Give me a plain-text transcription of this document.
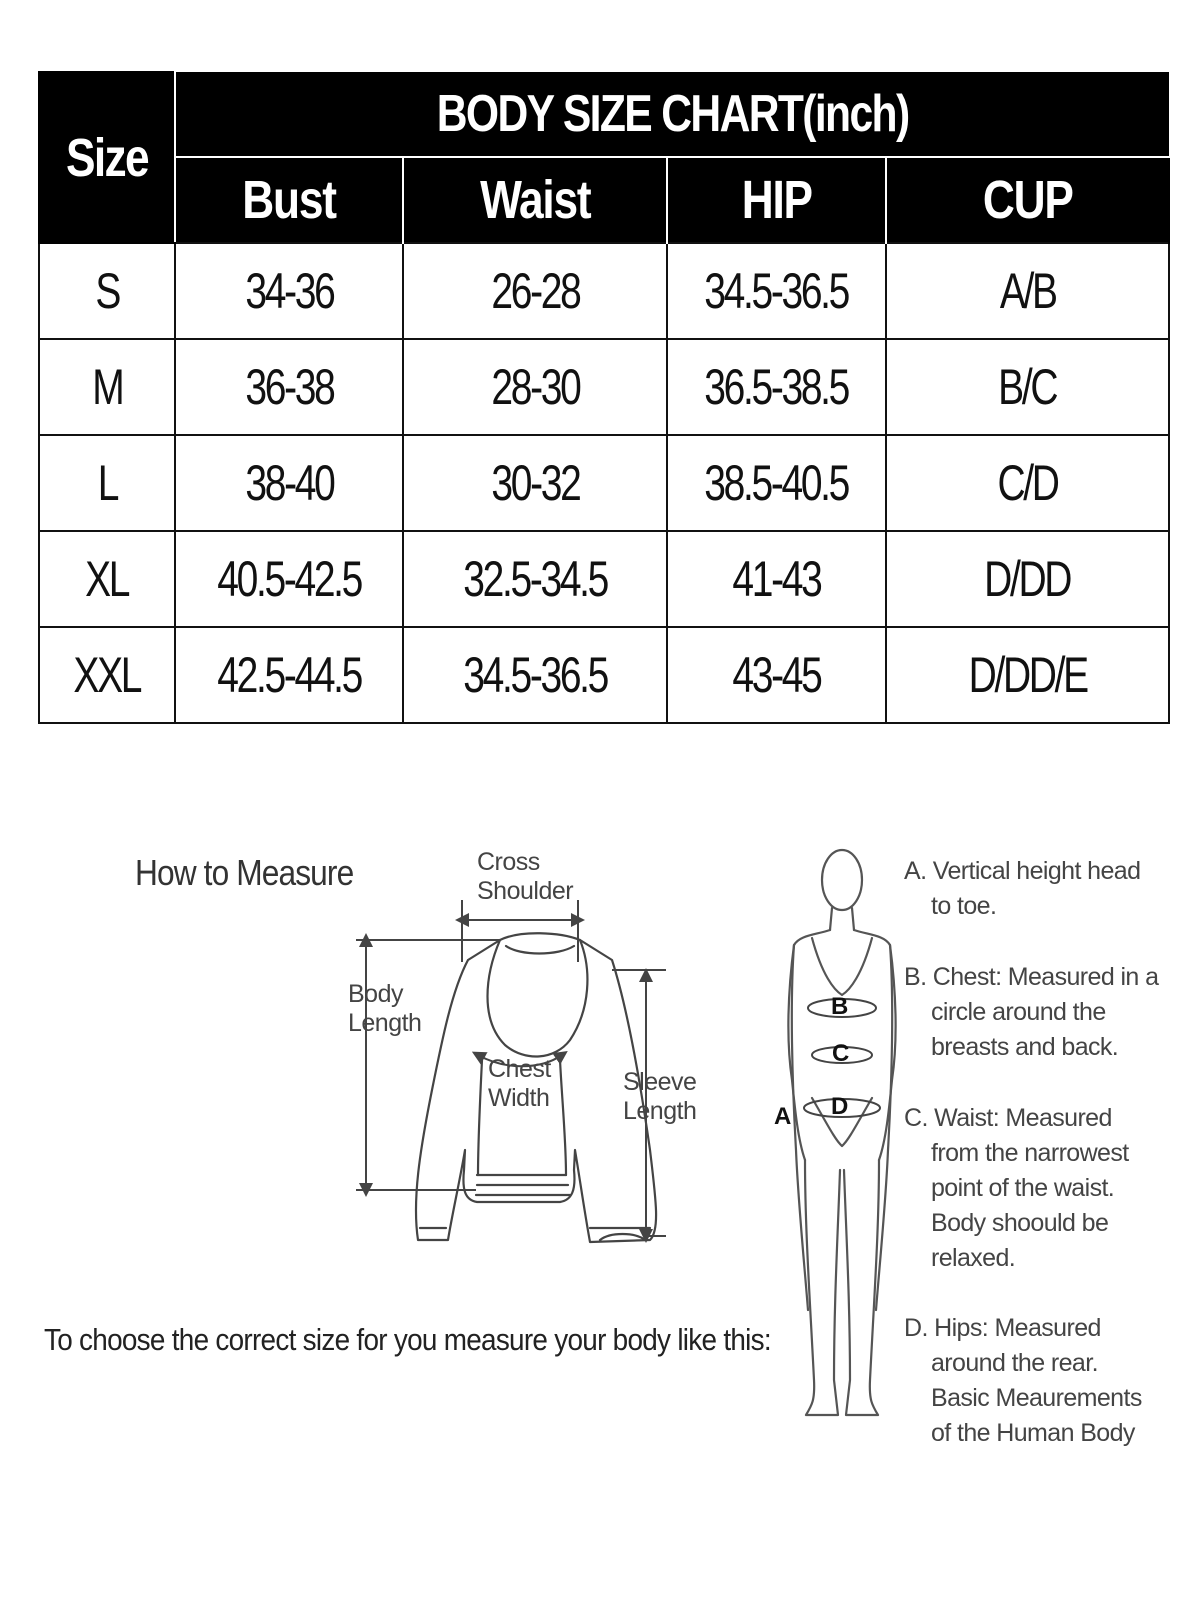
Size	BODY SIZE CHART(inch)			
	Bust	Waist	HIP	CUP
S	34-36	26-28	34.5-36.5	A/B
M	36-38	28-30	36.5-38.5	B/C
L	38-40	30-32	38.5-40.5	C/D
XL	40.5-42.5	32.5-34.5	41-43	D/DD
XXL	42.5-44.5	34.5-36.5	43-45	D/DD/E
How to Measure	Cross
Shoulder
Body
Length
Chest
Width
Sleeve
Length
To choose the correct size for you measure your body like this:
B
C
D
A
A. Vertical height head
to toe.
B. Chest: Measured in a
circle around the
breasts and back.
C. Waist: Measured
from the narrowest
point of the waist.
Body shoould be
relaxed.
D. Hips: Measured
around the rear.
Basic Meaurements
of the Human Body
